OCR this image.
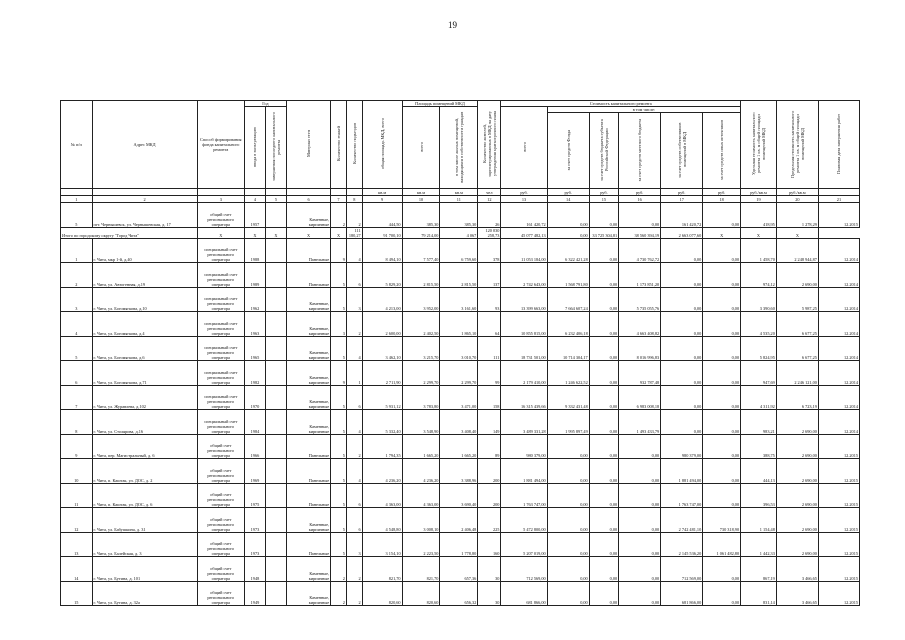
19
№ п/п	Адрес МКД	Способ формирования фонда капитального ремонта	Год		Материал стен	Количество этажей	Количество подъездов	общая площадь МКД, всего	Площадь помещений МКД		Количество жителей, зарегистрированных в МКД на дату утверждения краткосрочного плана	Стоимость капитального ремонта						Удельная стоимость капитального ремонта 1 кв. м общей площади помещений МКД	Предельная стоимость капитального ремонта 1 кв. м общей площади помещений МКД	Плановая дата завершения работ
			ввода в эксплуатацию	завершения последнего капитального ремонта					всего	в том числе жилых помещений, находящихся в собственности граждан		всего	в том числе:							
													за счет средств Фонда	за счет средств бюджета субъекта Российской Федерации	за счет средств местного бюджета	за счет средств собственников помещений в МКД	за счет средств иных источников			
								кв.м	кв.м	кв.м	чел	руб.	руб.	руб.	руб.	руб.	руб.	руб./кв.м	руб./кв.м	
1	2	3	4	5	6	7	8	9	10	11	12	13	14	15	16	17	18	19	20	21
5	пгт. Чернышевск, ул. Чернышевская, д. 17	общий счет регионального оператора	1957		Каменные, кирпичные	2	2	444,50	385,30	385,30	26	161 420,72	0,00	0,00	0,00	161 420,72	0,00	418,95	1 278,29	12.2015
Итого по городскому округу "Город Чита"		X	X	X	X	X	111 180,27	91 700,10	79 214,00	4 067	120 030 258,73	45 077 482,13	0,00	33 725 304,81	38 560 394,19	2 663 077,60	X	X	X	
1	г. Чита, мкр 1-й, д.40	специальный счет регионального оператора	1988		Панельные	9	4	8 494,10	7 577,40	6 759,60	378	11 053 184,00	6 322 421,28	0,00	4 730 762,72	0,00	0,00	1 458,70	2 248 944,87	12.2014
2	г. Чита, ул. Автогенная, д.19	специальный счет регионального оператора	1989		Панельные	5	6	5 829,20	2 815,50	2 815,50	137	2 742 643,00	1 568 791,80	0,00	1 173 851,20	0,00	0,00	974,12	2 690,00	12.2014
3	г. Чита, ул. Богомягкова, д.10	специальный счет регионального оператора	1962		Каменные, кирпичные	5	3	4 213,00	3 952,00	3 161,60	93	13 399 663,00	7 664 607,24	0,00	5 735 055,76	0,00	0,00	3 390,60	5 987,25	12.2014
4	г. Чита, ул. Богомягкова, д.4	специальный счет регионального оператора	1963		Каменные, кирпичные	3	2	2 600,00	2 402,50	1 865,10	64	10 855 815,00	6 232 406,18	0,00	4 663 408,82	0,00	0,00	4 535,20	6 677,25	12.2014
5	г. Чита, ул. Богомягкова, д.6	специальный счет регионального оператора	1965		Каменные, кирпичные	5	4	3 462,10	3 215,70	3 010,70	111	18 731 501,00	10 714 304,17	0,00	8 016 996,83	0,00	0,00	5 824,95	6 677,25	12.2014
6	г. Чита, ул. Богомягкова, д.71	специальный счет регионального оператора	1982		Каменные, кирпичные	9	1	2 711,90	2 299,70	2 299,70	99	2 179 410,00	1 246 622,52	0,00	932 787,48	0,00	0,00	947,69	2 246 121,00	12.2014
7	г. Чита, ул. Журавлева, д.102	специальный счет регионального оператора	1970		Каменные, кирпичные	5	6	5 931,12	3 783,80	3 471,00	158	16 315 439,66	9 332 431,48	0,00	6 983 008,18	0,00	0,00	4 311,92	6 723,19	12.2014
8	г. Чита, ул. Столярова, д.16	специальный счет регионального оператора	1984		Каменные, кирпичные	5	4	5 332,40	3 548,90	3 408,40	149	3 489 331,28	1 995 897,49	0,00	1 493 433,79	0,00	0,00	983,21	2 690,00	12.2014
9	г. Чита, пер. Магистральный, д. 6	общий счет регионального оператора	1966		Панельные	5	2	1 794,35	1 665,20	1 665,20	89	980 379,00	0,00	0,00	0,00	980 379,00	0,00	388,75	2 690,00	12.2015
10	г. Чита, п. Каштак, ул. ДОС, д. 2	общий счет регионального оператора	1969		Панельные	5	4	4 236,20	4 236,20	3 388,96	200	1 881 494,00	0,00	0,00	0,00	1 881 494,00	0,00	444,13	2 690,00	12.2015
11	г. Чита, п. Каштак, ул. ДОС, д. 6	общий счет регионального оператора	1975		Панельные	5	6	4 363,00	4 363,00	3 690,40	200	1 763 747,00	0,00	0,00	0,00	1 763 747,00	0,00	396,53	2 690,00	12.2015
12	г. Чита, ул. Бабушкина, д. 31	общий счет регионального оператора	1973		Каменные, кирпичные	5	6	4 548,80	3 008,10	2 406,48	225	5 472 800,00	0,00	0,00	0,00	2 742 481,10	730 318,90	1 154,48	2 690,00	12.2015
13	г. Чита, ул. Балейская, д. 3	общий счет регионального оператора	1973		Панельные	5	3	3 154,10	2 223,50	1 778,80	160	5 207 019,00	0,00	0,00	0,00	2 145 536,20	1 061 482,80	1 442,33	2 690,00	12.2015
14	г. Чита, ул. Бутина, д. 101	общий счет регионального оператора	1948		Каменные, кирпичные	2	2	821,70	821,70	657,36	30	712 569,00	0,00	0,00	0,00	712 569,00	0,00	867,19	3 466,65	12.2015
15	г. Чита, ул. Бутина, д. 32а	общий счет регионального оператора	1949		Каменные, кирпичные	2	2	820,60	820,60	656,32	30	681 866,00	0,00	0,00	0,00	681 866,00	0,00	831,14	3 466,65	12.2015
